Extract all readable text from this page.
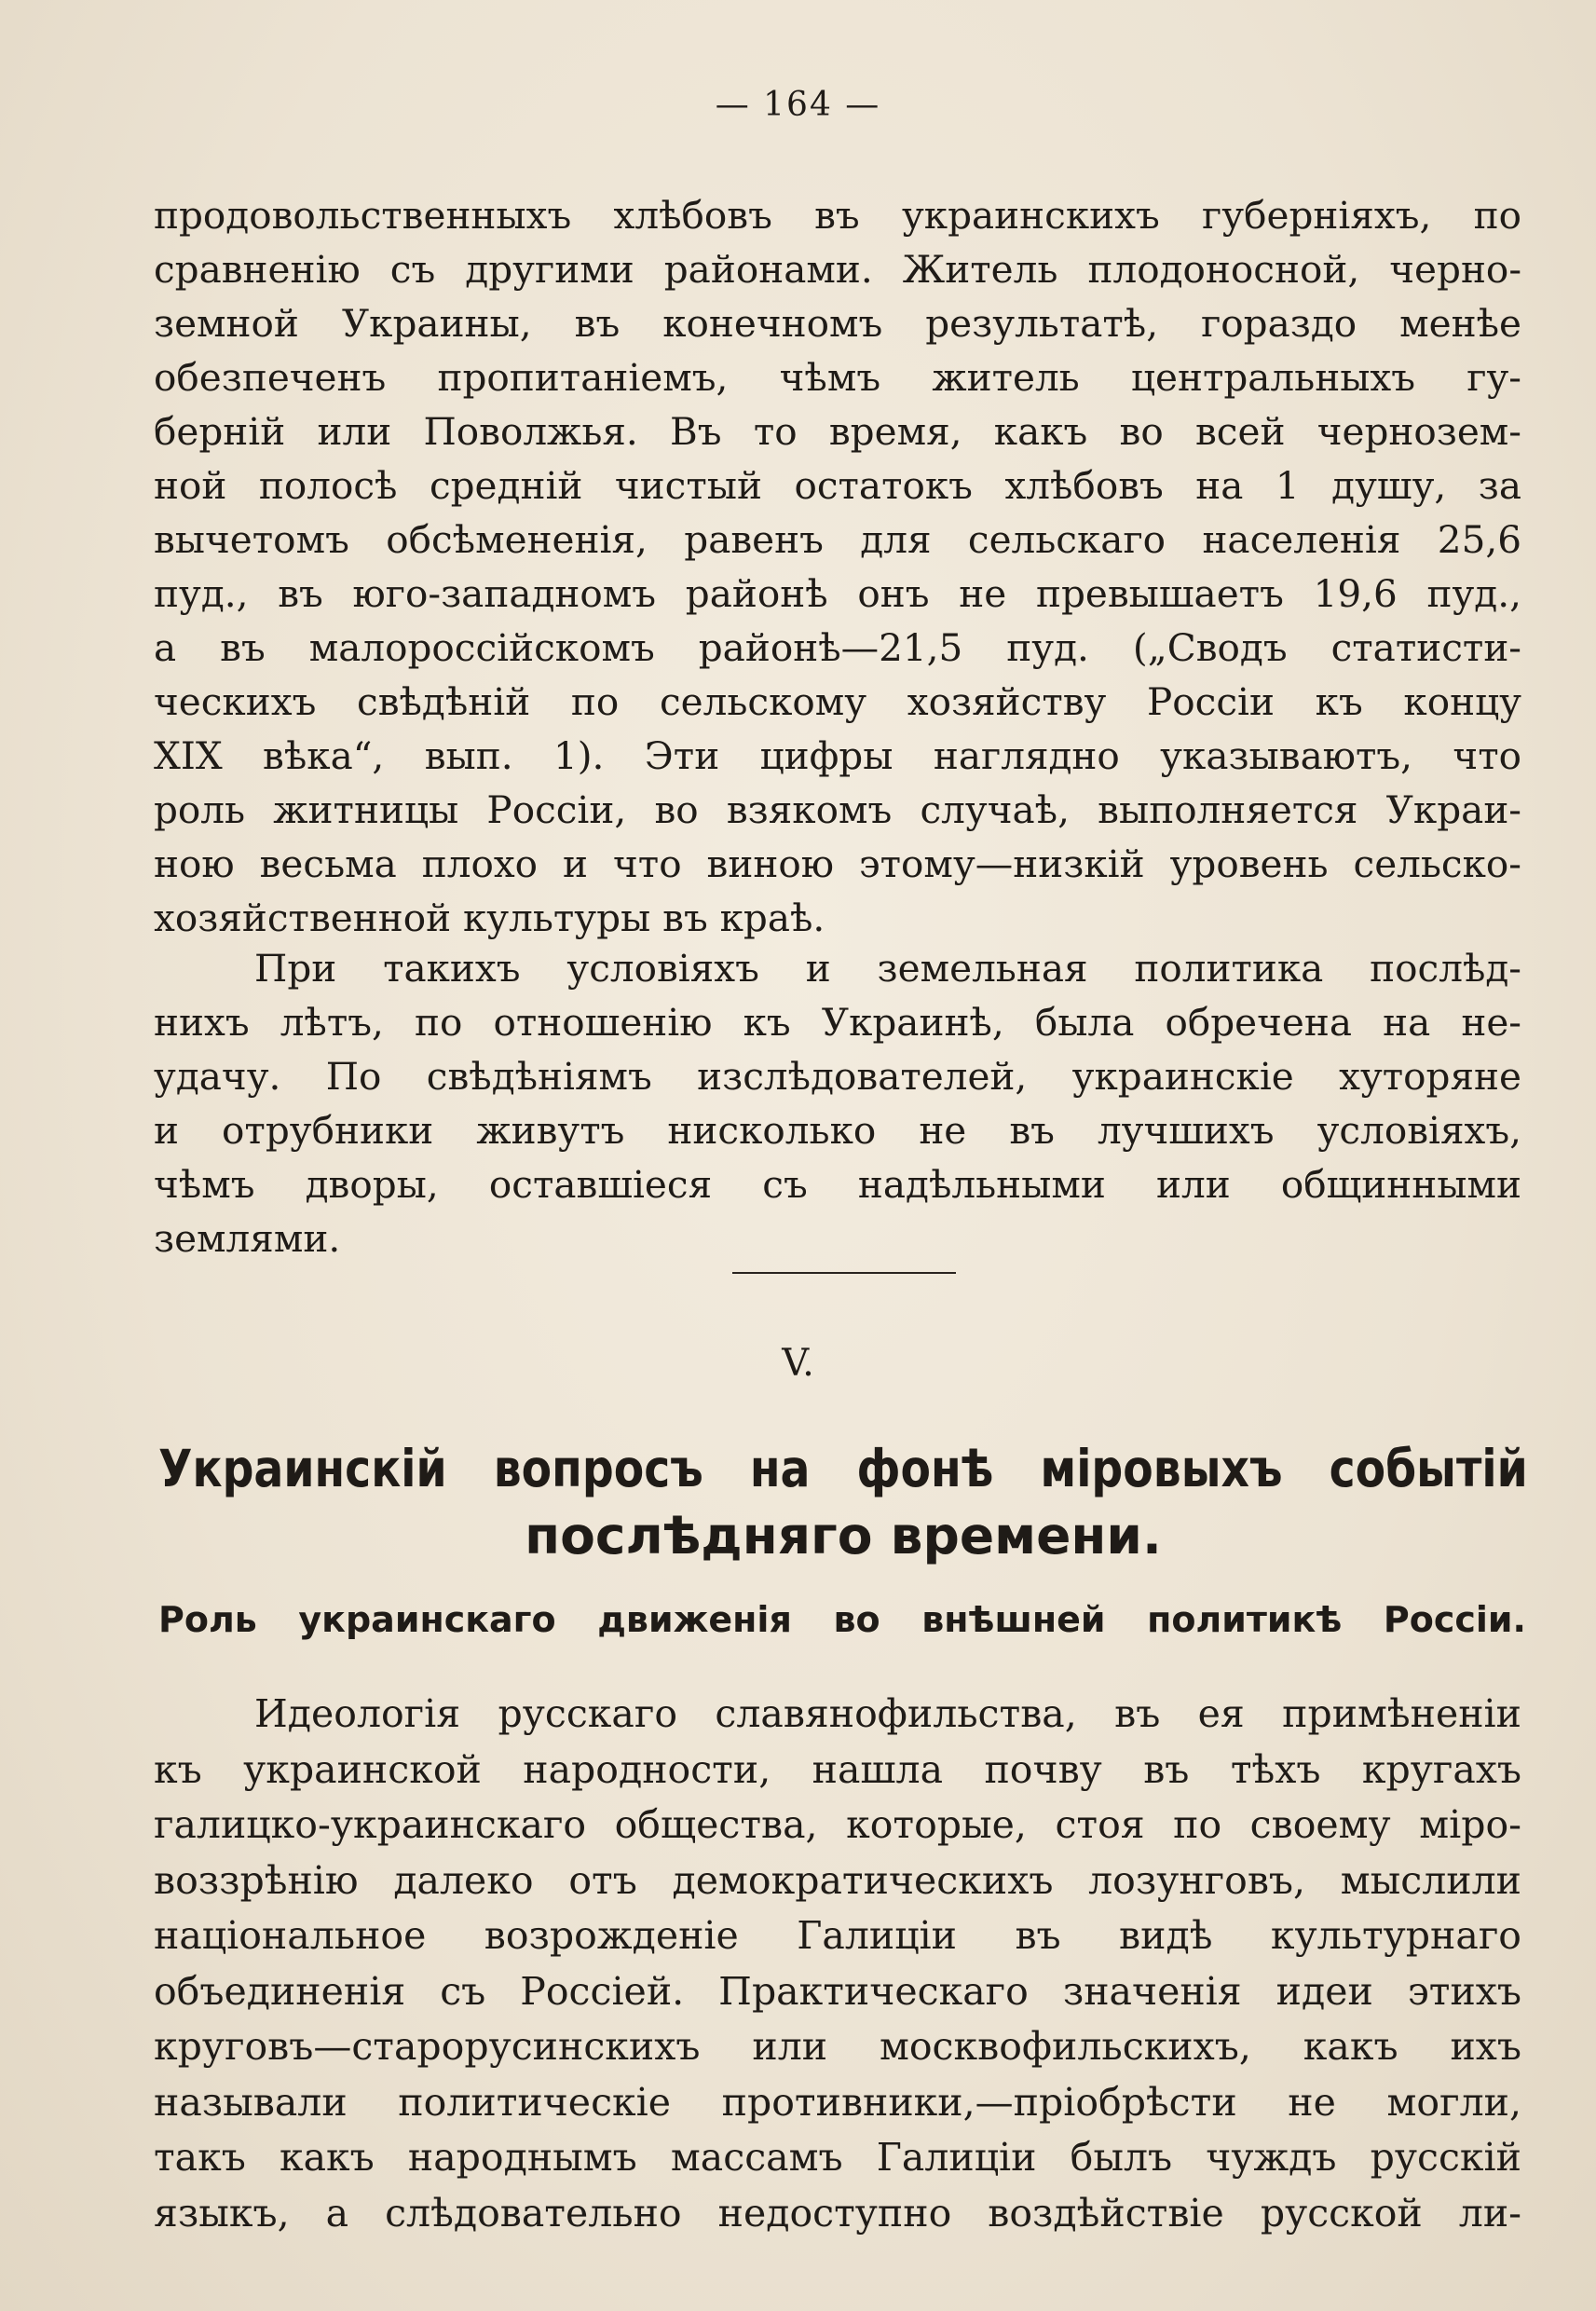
— 164 —
продовольственныхъ хлѣбовъ въ украинскихъ губерніяхъ, по
сравненію съ другими районами. Житель плодоносной, черно-
земной Украины, въ конечномъ результатѣ, гораздо менѣе
обезпеченъ пропитаніемъ, чѣмъ житель центральныхъ гу-
берній или Поволжья. Въ то время, какъ во всей чернозем-
ной полосѣ средній чистый остатокъ хлѣбовъ на 1 душу, за
вычетомъ обсѣмененія, равенъ для сельскаго населенія 25,6
пуд., въ юго-западномъ районѣ онъ не превышаетъ 19,6 пуд.,
а въ малороссійскомъ районѣ—21,5 пуд. („Сводъ статисти-
ческихъ свѣдѣній по сельскому хозяйству Россіи къ концу
XIX вѣка“, вып. 1). Эти цифры наглядно указываютъ, что
роль житницы Россіи, во взякомъ случаѣ, выполняется Украи-
ною весьма плохо и что виною этому—низкій уровень сельско-
хозяйственной культуры въ краѣ.
При такихъ условіяхъ и земельная политика послѣд-
нихъ лѣтъ, по отношенію къ Украинѣ, была обречена на не-
удачу. По свѣдѣніямъ изслѣдователей, украинскіе хуторяне
и отрубники живутъ нисколько не въ лучшихъ условіяхъ,
чѣмъ дворы, оставшіеся съ надѣльными или общинными
землями.
V.
Украинскій вопросъ на фонѣ міровыхъ событій
послѣдняго времени.
Роль украинскаго движенія во внѣшней политикѣ Россіи.
Идеологія русскаго славянофильства, въ ея примѣненіи
къ украинской народности, нашла почву въ тѣхъ кругахъ
галицко-украинскаго общества, которые, стоя по своему міро-
воззрѣнію далеко отъ демократическихъ лозунговъ, мыслили
національное возрожденіе Галиціи въ видѣ культурнаго
объединенія съ Россіей. Практическаго значенія идеи этихъ
круговъ—старорусинскихъ или москвофильскихъ, какъ ихъ
называли политическіе противники,—пріобрѣсти не могли,
такъ какъ народнымъ массамъ Галиціи былъ чуждъ русскій
языкъ, а слѣдовательно недоступно воздѣйствіе русской ли-
